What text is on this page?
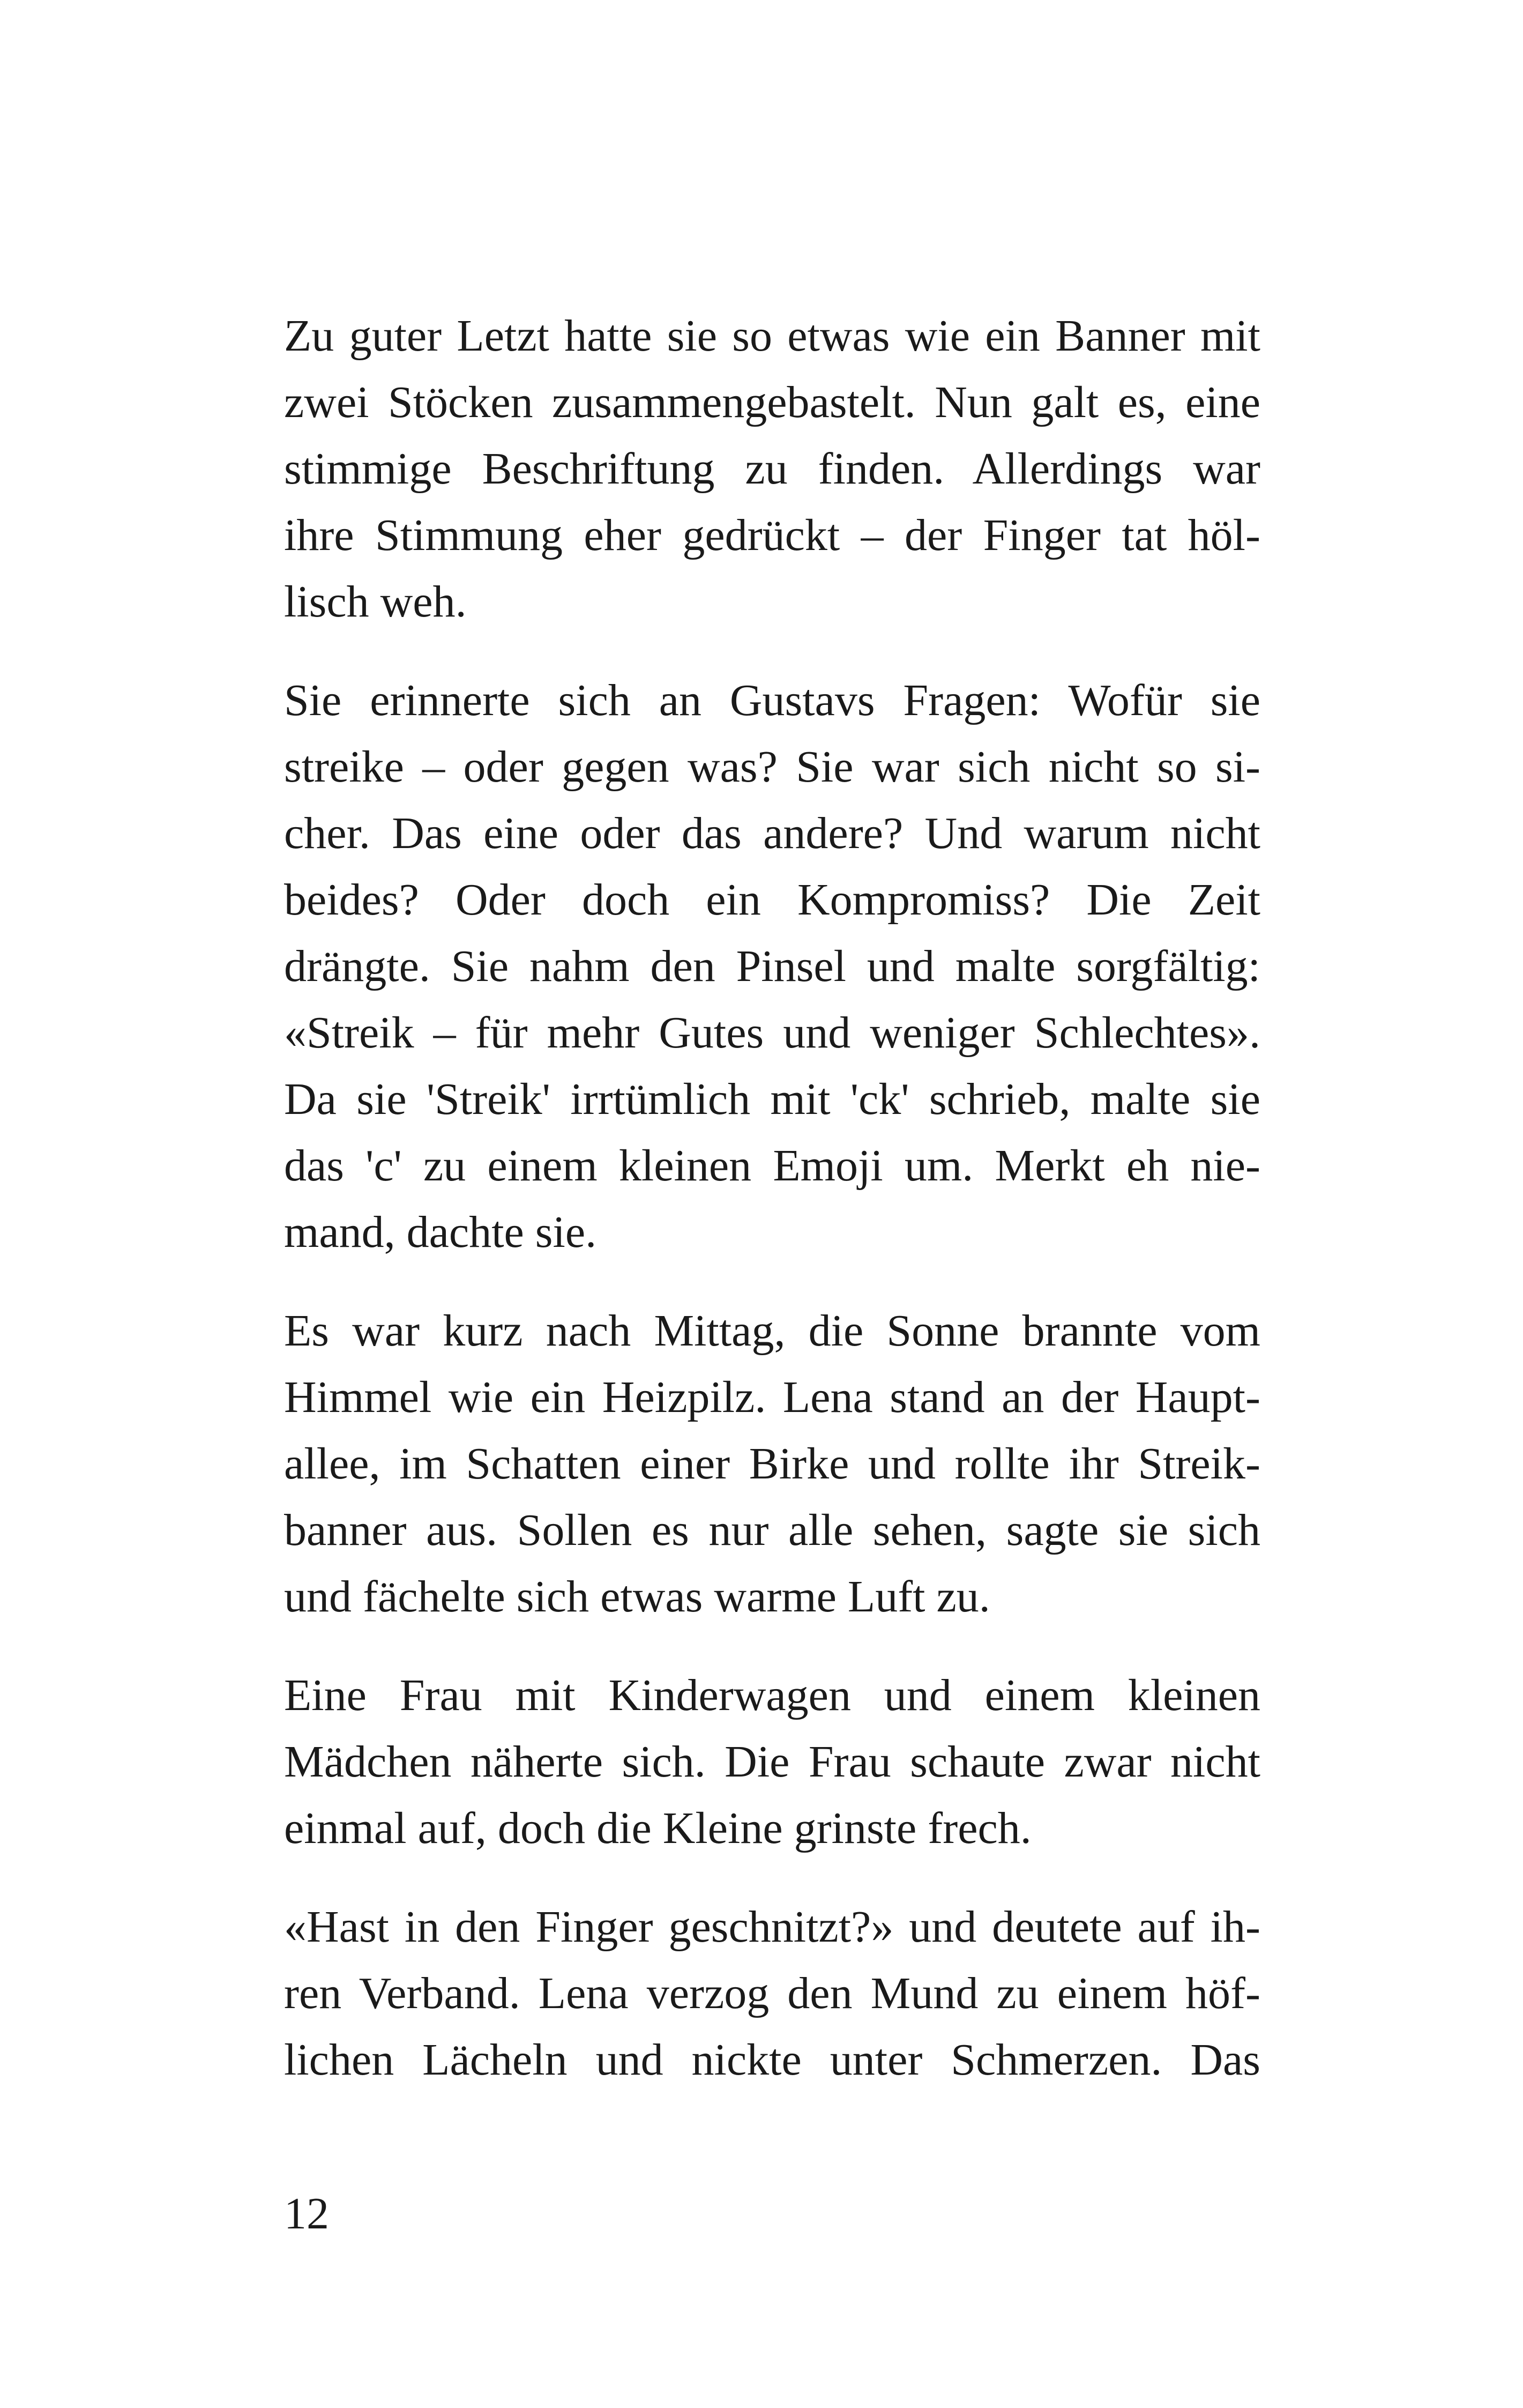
Zu guter Letzt hatte sie so etwas wie ein Banner mit
zwei Stöcken zusammengebastelt. Nun galt es, eine
stimmige Beschriftung zu finden. Allerdings war
ihre Stimmung eher gedrückt – der Finger tat höl-
lisch weh.
Sie erinnerte sich an Gustavs Fragen: Wofür sie
streike – oder gegen was? Sie war sich nicht so si-
cher. Das eine oder das andere? Und warum nicht
beides? Oder doch ein Kompromiss? Die Zeit
drängte. Sie nahm den Pinsel und malte sorgfältig:
«Streik – für mehr Gutes und weniger Schlechtes».
Da sie 'Streik' irrtümlich mit 'ck' schrieb, malte sie
das 'c' zu einem kleinen Emoji um. Merkt eh nie-
mand, dachte sie.
Es war kurz nach Mittag, die Sonne brannte vom
Himmel wie ein Heizpilz. Lena stand an der Haupt-
allee, im Schatten einer Birke und rollte ihr Streik-
banner aus. Sollen es nur alle sehen, sagte sie sich
und fächelte sich etwas warme Luft zu.
Eine Frau mit Kinderwagen und einem kleinen
Mädchen näherte sich. Die Frau schaute zwar nicht
einmal auf, doch die Kleine grinste frech.
«Hast in den Finger geschnitzt?» und deutete auf ih-
ren Verband. Lena verzog den Mund zu einem höf-
lichen Lächeln und nickte unter Schmerzen. Das
12
